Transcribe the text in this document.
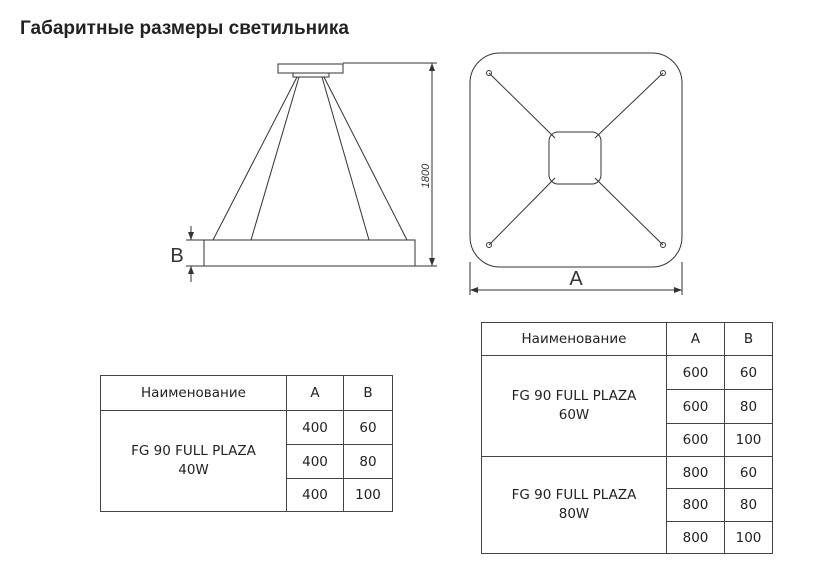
Габаритные размеры светильника
1800
B
A
Наименование	A	B
FG 90 FULL PLAZA
40W	400	60
	400	80
	400	100
Наименование	A	B
FG 90 FULL PLAZA
60W	600	60
	600	80
	600	100
FG 90 FULL PLAZA
80W	800	60
	800	80
	800	100
